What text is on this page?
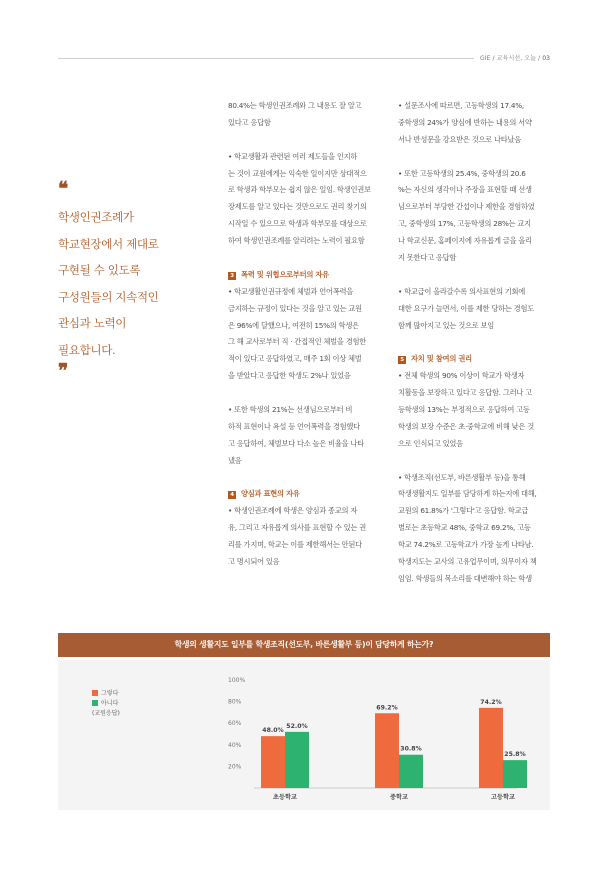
GIE / 교육시선, 오늘 / 03
❝
학생인권조례가
학교현장에서 제대로
구현될 수 있도록
구성원들의 지속적인
관심과 노력이
필요합니다.
❞
80.4%는 학생인권조례와 그 내용도 잘 알고
있다고 응답함
• 학교생활과 관련된 여러 제도들을 인지하
는 것이 교원에게는 익숙한 일이지만 상대적으
로 학생과 학부모는 쉽지 않은 일임. 학생인권보
장제도를 알고 있다는 것만으로도 권리 찾기의
시작일 수 있으므로 학생과 학부모를 대상으로
하여 학생인권조례를 알리려는 노력이 필요함
3 폭력 및 위협으로부터의 자유
• 학교생활인권규정에 체벌과 언어폭력을
금지하는 규정이 있다는 것을 알고 있는 교원
은 96%에 달했으나, 여전히 15%의 학생은
그 해 교사로부터 직 · 간접적인 체벌을 경험한
적이 있다고 응답하였고, 매주 1회 이상 체벌
을 받았다고 응답한 학생도 2%나 있었음
• 또한 학생의 21%는 선생님으로부터 비
하적 표현이나 욕설 등 언어폭력을 경험했다
고 응답하여, 체벌보다 다소 높은 비율을 나타
냈음
4 양심과 표현의 자유
• 학생인권조례에 학생은 양심과 종교의 자
유, 그리고 자유롭게 의사를 표현할 수 있는 권
리를 가지며, 학교는 이를 제한해서는 안된다
고 명시되어 있음
• 설문조사에 따르면, 고등학생의 17.4%,
중학생의 24%가 양심에 반하는 내용의 서약
서나 반성문을 강요받은 것으로 나타났음
• 또한 고등학생의 25.4%, 중학생의 20.6
%는 자신의 생각이나 주장을 표현할 때 선생
님으로부터 부당한 간섭이나 제한을 경험하였
고, 중학생의 17%, 고등학생의 28%는 교지
나 학교신문, 홈페이지에 자유롭게 글을 올리
지 못한다고 응답함
• 학교급이 올라갈수록 의사표현의 기회에
대한 요구가 늘면서, 이를 제한 당하는 경험도
함께 많아지고 있는 것으로 보임
5 자치 및 참여의 권리
• 전체 학생의 90% 이상이 학교가 학생자
치활동을 보장하고 있다고 응답함. 그러나 고
등학생의 13%는 부정적으로 응답하여 고등
학생의 보장 수준은 초·중학교에 비해 낮은 것
으로 인식되고 있었음
• 학생조직(선도부, 바른생활부 등)을 통해
학생생활지도 일부를 담당하게 하는지에 대해,
교원의 61.8%가 '그렇다'고 응답함. 학교급
별로는 초등학교 48%, 중학교 69.2%, 고등
학교 74.2%로 고등학교가 가장 높게 나타남.
학생지도는 교사의 고유업무이며, 의무이자 책
임임. 학생들의 목소리를 대변해야 하는 학생
학생의 생활지도 일부를 학생조직(선도부, 바른생활부 등)이 담당하게 하는가?
그렇다
아니다
(교원응답)
20%
40%
60%
80%
100%
48.0%
52.0%
초등학교
69.2%
30.8%
중학교
74.2%
25.8%
고등학교
